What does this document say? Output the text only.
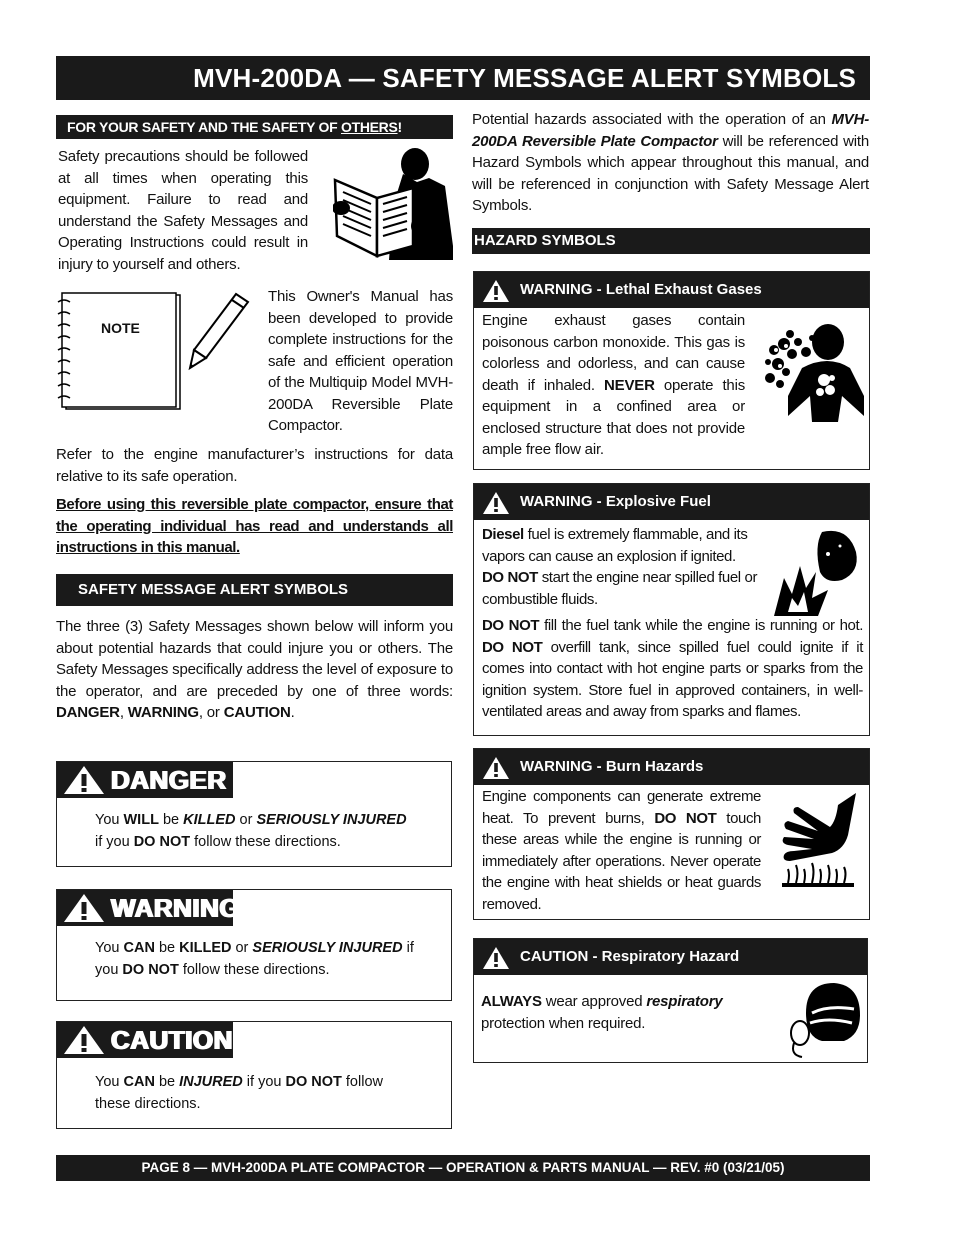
MVH-200DA — SAFETY MESSAGE ALERT SYMBOLS
FOR YOUR SAFETY AND THE SAFETY OF OTHERS!
Safety precautions should be followed at all times when operating this equipment. Failure to read and understand the Safety Messages and Operating Instructions could result in injury to yourself and others.
NOTE
This Owner's Manual has been developed to provide complete instructions for the safe and efficient operation of the Multiquip Model MVH-200DA Reversible Plate Compactor.
Refer to the engine manufacturer’s instructions for data relative to its safe operation.
Before using this reversible plate compactor, ensure that the operating individual has read and understands all instructions in this manual.
SAFETY MESSAGE ALERT SYMBOLS
The three (3) Safety Messages shown below will inform you about potential hazards that could injure you or others. The Safety Messages specifically address the level of exposure to the operator, and are preceded by one of three words: DANGER, WARNING, or CAUTION.
DANGER
You WILL be KILLED or SERIOUSLY INJURED
if you DO NOT follow these directions.
WARNING
You CAN be KILLED or SERIOUSLY INJURED if
you DO NOT follow these directions.
CAUTION
You CAN be INJURED if you DO NOT follow
these directions.
Potential hazards associated with the operation of an MVH-200DA Reversible Plate Compactor will be referenced with Hazard Symbols which appear throughout this manual, and will be referenced in conjunction with Safety Message Alert Symbols.
HAZARD SYMBOLS
WARNING - Lethal Exhaust Gases
Engine exhaust gases contain poisonous carbon monoxide. This gas is colorless and odorless, and can cause death if inhaled. NEVER operate this equipment in a confined area or enclosed structure that does not provide ample free flow air.
WARNING - Explosive Fuel
Diesel fuel is extremely flammable, and its vapors can cause an explosion if ignited. DO NOT start the engine near spilled fuel or combustible fluids.
DO NOT fill the fuel tank while the engine is running or hot. DO NOT overfill tank, since spilled fuel could ignite if it comes into contact with hot engine parts or sparks from the ignition system. Store fuel in approved containers, in well-ventilated areas and away from sparks and flames.
WARNING - Burn Hazards
Engine components can generate extreme heat. To prevent burns, DO NOT touch these areas while the engine is running or immediately after operations. Never operate the engine with heat shields or heat guards removed.
CAUTION - Respiratory Hazard
ALWAYS wear approved respiratory
protection when required.
PAGE 8 — MVH-200DA PLATE COMPACTOR — OPERATION & PARTS MANUAL — REV. #0 (03/21/05)
